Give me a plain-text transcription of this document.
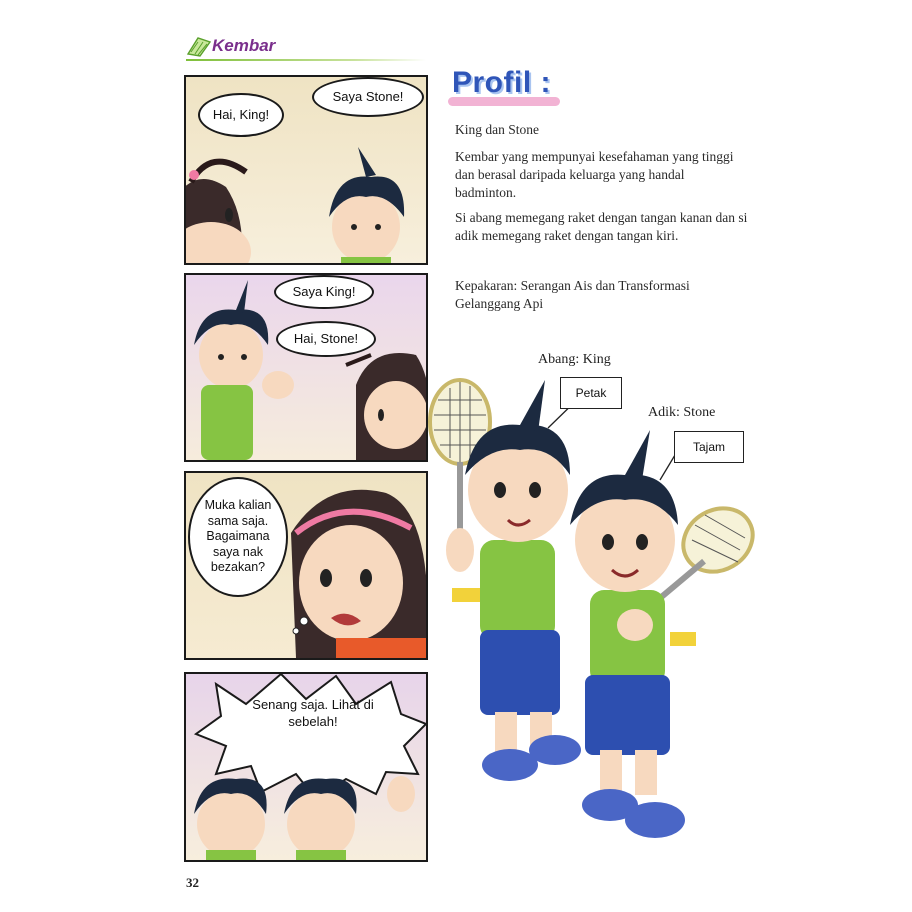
Kembar
Hai, King!
Saya Stone!
Saya King!
Hai, Stone!
Muka kalian sama saja. Bagaimana saya nak bezakan?
Senang saja. Lihat di sebelah!
Profil :
King dan Stone
Kembar yang mempunyai kesefahaman yang tinggi dan berasal daripada keluarga yang handal badminton.
Si abang memegang raket dengan tangan kanan dan si adik memegang raket dengan tangan kiri.
Kepakaran: Serangan Ais dan Transformasi Gelanggang Api
Abang: King
Petak
Adik: Stone
Tajam
32
